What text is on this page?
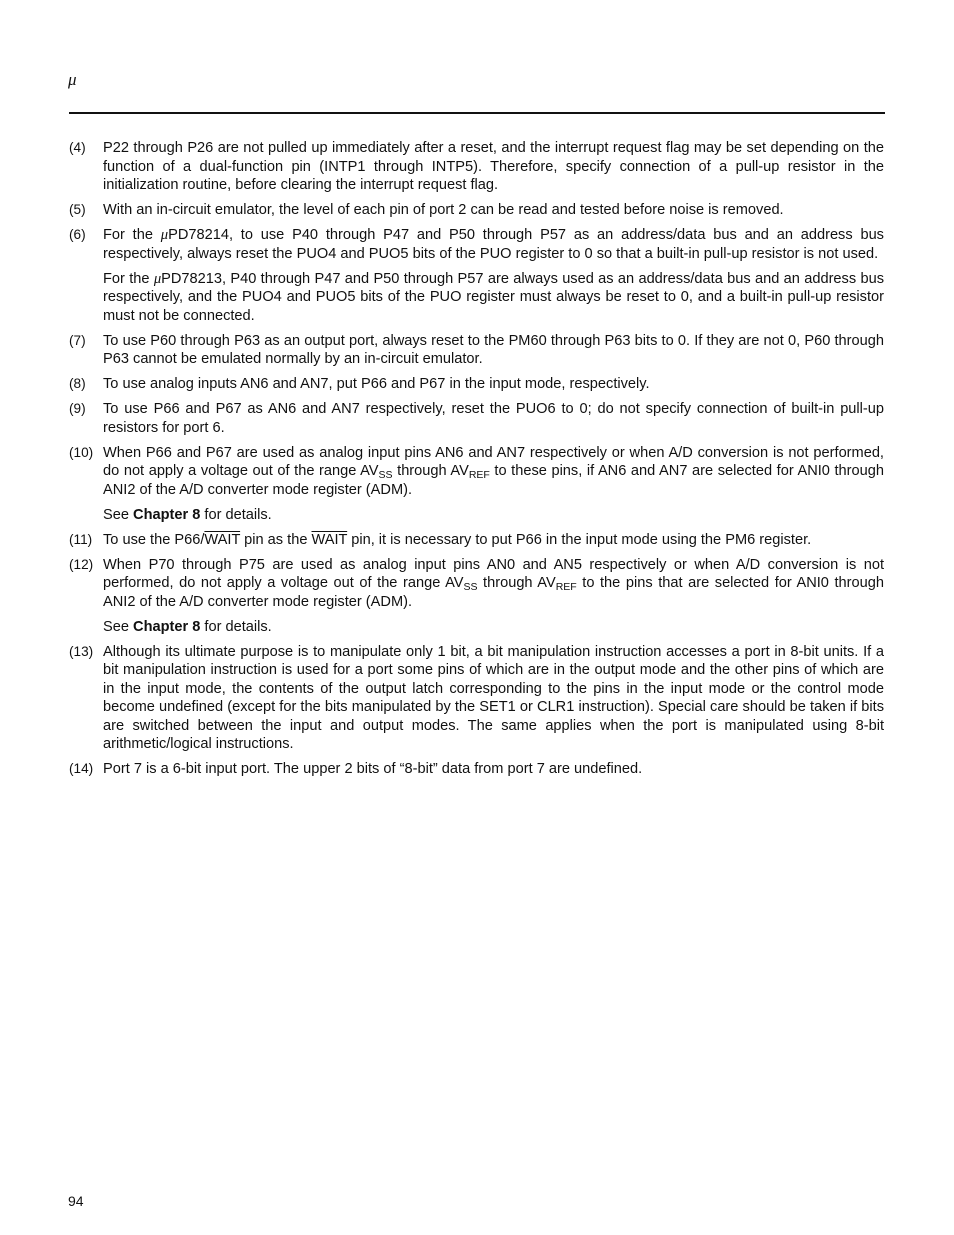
μ
(4)	P22 through P26 are not pulled up immediately after a reset, and the interrupt request flag may be set depending on the function of a dual-function pin (INTP1 through INTP5). Therefore, specify connection of a pull-up resistor in the initialization routine, before clearing the interrupt request flag.

(5)	With an in-circuit emulator, the level of each pin of port 2 can be read and tested before noise is removed.

(6)	For the μPD78214, to use P40 through P47 and P50 through P57 as an address/data bus and an address bus respectively, always reset the PUO4 and PUO5 bits of the PUO register to 0 so that a built-in pull-up resistor is not used.

For the μPD78213, P40 through P47 and P50 through P57 are always used as an address/data bus and an address bus respectively, and the PUO4 and PUO5 bits of the PUO register must always be reset to 0, and a built-in pull-up resistor must not be connected.

(7)	To use P60 through P63 as an output port, always reset to the PM60 through P63 bits to 0. If they are not 0, P60 through P63 cannot be emulated normally by an in-circuit emulator.

(8)	To use analog inputs AN6 and AN7, put P66 and P67 in the input mode, respectively.

(9)	To use P66 and P67 as AN6 and AN7 respectively, reset the PUO6 to 0; do not specify connection of built-in pull-up resistors for port 6.

(10) When P66 and P67 are used as analog input pins AN6 and AN7 respectively or when A/D conversion is not performed, do not apply a voltage out of the range $AV_{SS}$ through $AV_{REF}$ to these pins, if AN6 and AN7 are selected for ANI0 through ANI2 of the A/D converter mode register (ADM).

See Chapter 8 for details.

(11) To use the P66/WAIT pin as the WAIT pin, it is necessary to put P66 in the input mode using the PM6 register.

(12) When P70 through P75 are used as analog input pins AN0 and AN5 respectively or when A/D conversion is not performed, do not apply a voltage out of the range $AV_{SS}$ through $AV_{REF}$ to the pins that are selected for ANI0 through ANI2 of the A/D converter mode register (ADM).

See Chapter 8 for details.

(13) Although its ultimate purpose is to manipulate only 1 bit, a bit manipulation instruction accesses a port in 8-bit units. If a bit manipulation instruction is used for a port some pins of which are in the output mode and the other pins of which are in the input mode, the contents of the output latch corresponding to the pins in the input mode or the control mode become undefined (except for the bits manipulated by the SET1 or CLR1 instruction). Special care should be taken if bits are switched between the input and output modes. The same applies when the port is manipulated using 8-bit arithmetic/logical instructions.

(14) Port 7 is a 6-bit input port. The upper 2 bits of “8-bit” data from port 7 are undefined.

94
